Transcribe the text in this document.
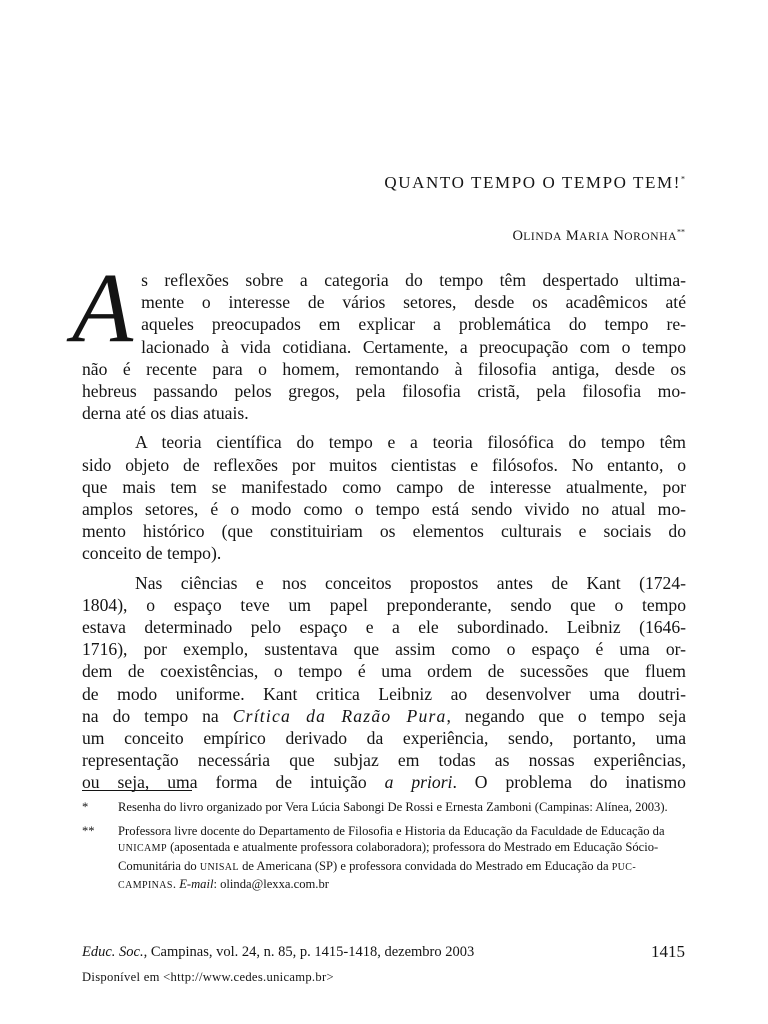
QUANTO TEMPO O TEMPO TEM!*
OLINDA MARIA NORONHA**

A s reflexões sobre a categoria do tempo têm despertado ultima-
mente o interesse de vários setores, desde os acadêmicos até
aqueles preocupados em explicar a problemática do tempo re-
lacionado à vida cotidiana. Certamente, a preocupação com o tempo
não é recente para o homem, remontando à filosofia antiga, desde os
hebreus passando pelos gregos, pela filosofia cristã, pela filosofia mo-
derna até os dias atuais.

A teoria científica do tempo e a teoria filosófica do tempo têm
sido objeto de reflexões por muitos cientistas e filósofos. No entanto, o
que mais tem se manifestado como campo de interesse atualmente, por
amplos setores, é o modo como o tempo está sendo vivido no atual mo-
mento histórico (que constituiriam os elementos culturais e sociais do
conceito de tempo).

Nas ciências e nos conceitos propostos antes de Kant (1724-
1804), o espaço teve um papel preponderante, sendo que o tempo
estava determinado pelo espaço e a ele subordinado. Leibniz (1646-
1716), por exemplo, sustentava que assim como o espaço é uma or-
dem de coexistências, o tempo é uma ordem de sucessões que fluem
de modo uniforme. Kant critica Leibniz ao desenvolver uma doutri-
na do tempo na Crítica da Razão Pura, negando que o tempo seja
um conceito empírico derivado da experiência, sendo, portanto, uma
representação necessária que subjaz em todas as nossas experiências,
ou seja, uma forma de intuição a priori. O problema do inatismo

*	Resenha do livro organizado por Vera Lúcia Sabongi De Rossi e Ernesta Zamboni (Campinas: Alínea, 2003).
**	Professora livre docente do Departamento de Filosofia e Historia da Educação da Faculdade de Educação da UNICAMP (aposentada e atualmente professora colaboradora); professora do Mestrado em Educação Sócio-Comunitária do UNISAL de Americana (SP) e professora convidada do Mestrado em Educação da PUC-CAMPINAS. E-mail: olinda@lexxa.com.br
Educ. Soc., Campinas, vol. 24, n. 85, p. 1415-1418, dezembro 2003	1415
Disponível em <http://www.cedes.unicamp.br>
